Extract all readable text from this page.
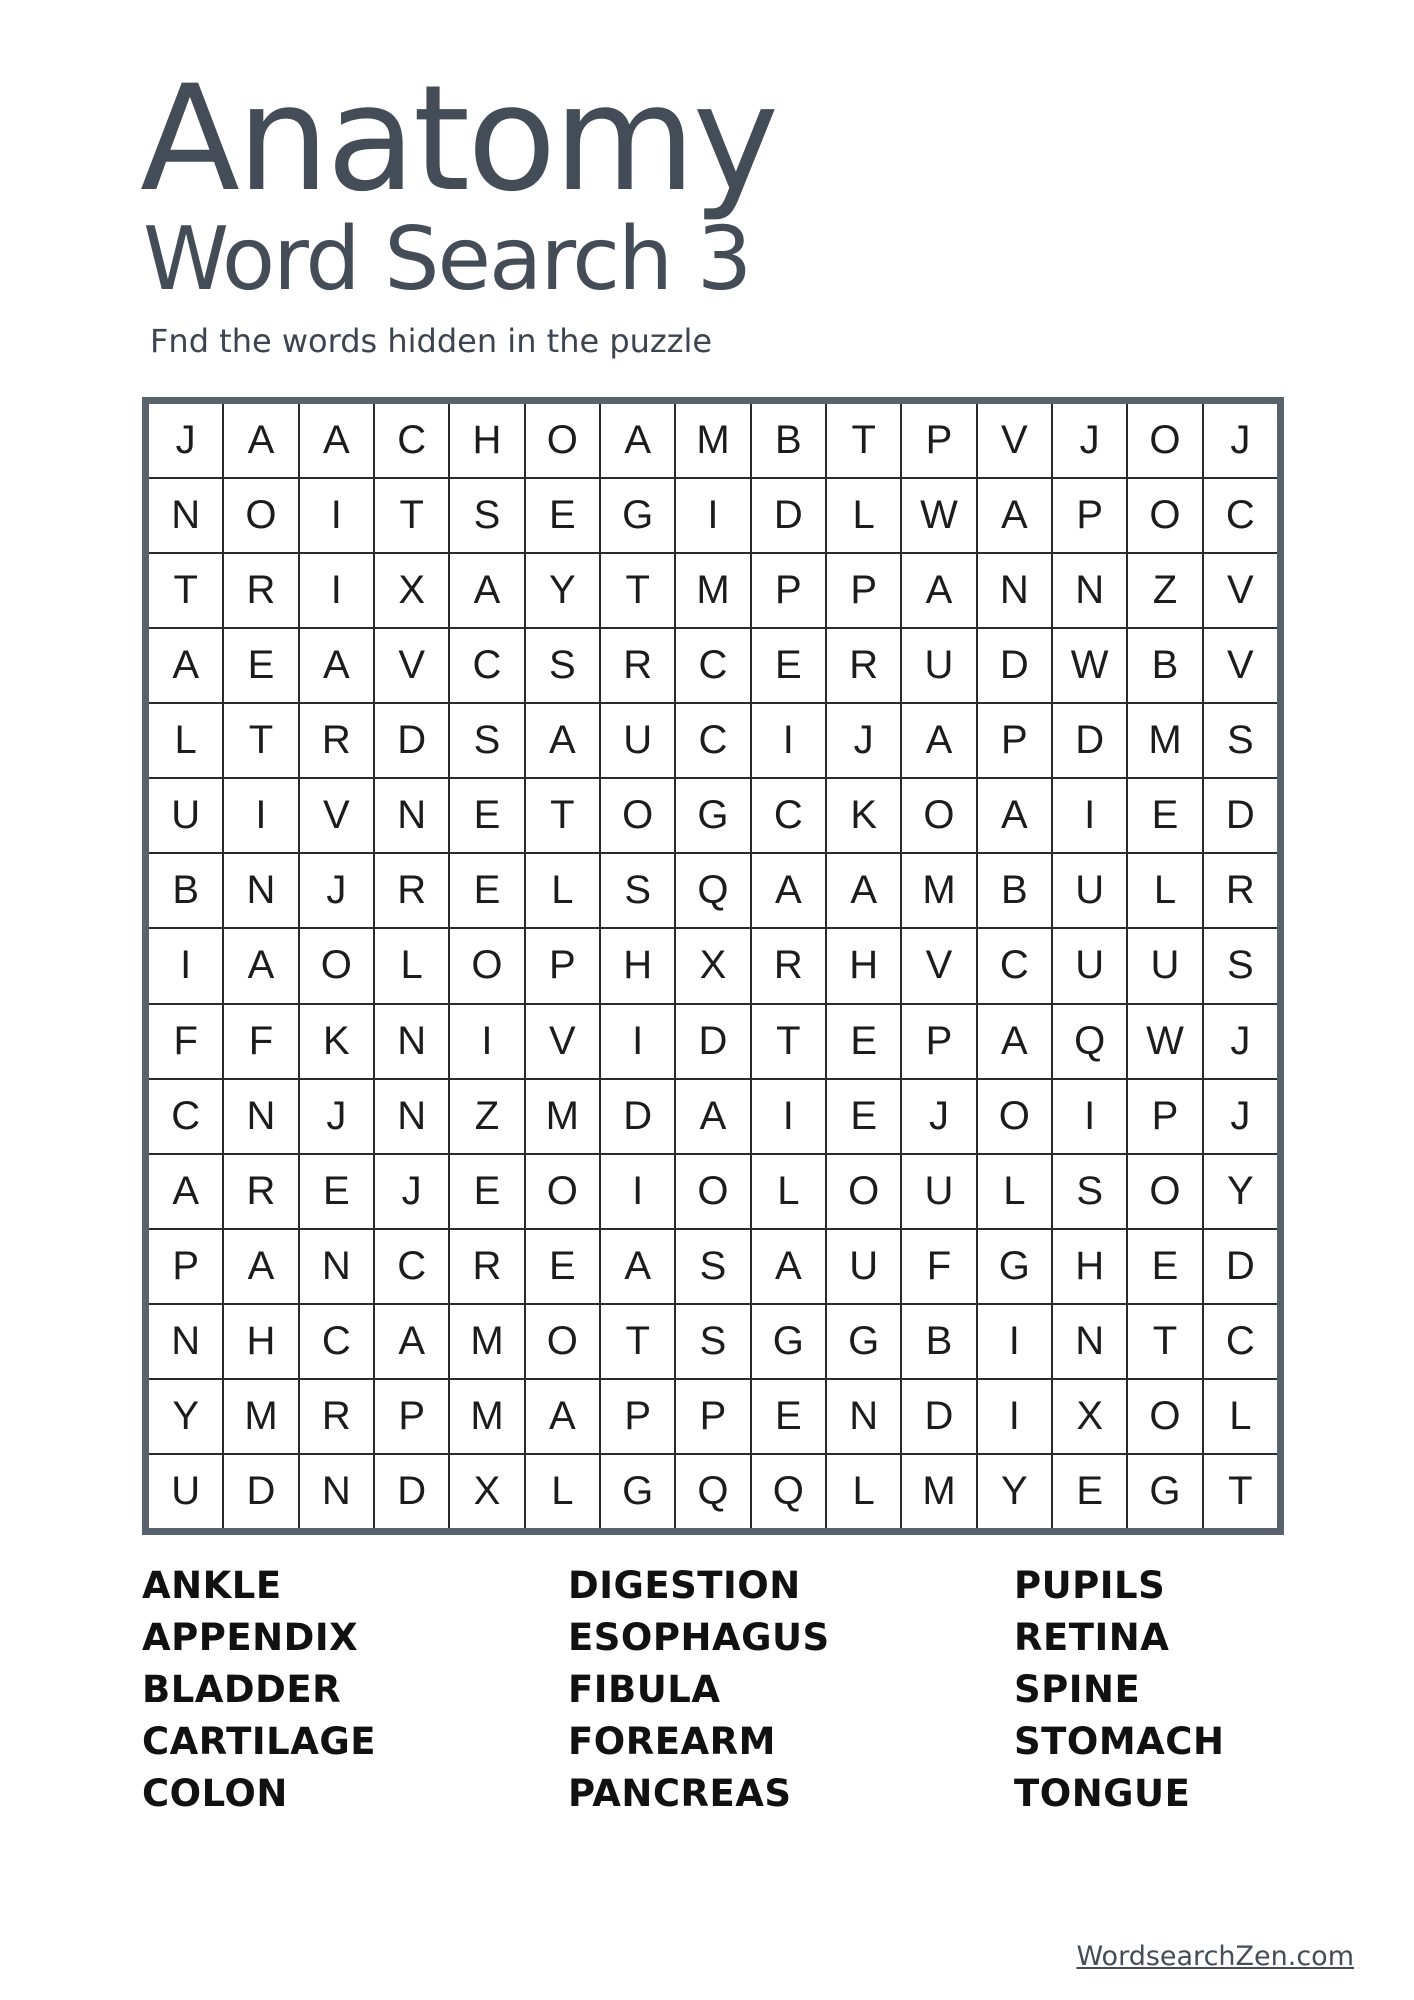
Anatomy
Word Search 3

Fnd the words hidden in the puzzle

J	A	A	C	H	O	A	M	B	T	P	V	J	O	J
N	O	I	T	S	E	G	I	D	L	W	A	P	O	C
T	R	I	X	A	Y	T	M	P	P	A	N	N	Z	V
A	E	A	V	C	S	R	C	E	R	U	D	W	B	V
L	T	R	D	S	A	U	C	I	J	A	P	D	M	S
U	I	V	N	E	T	O	G	C	K	O	A	I	E	D
B	N	J	R	E	L	S	Q	A	A	M	B	U	L	R
I	A	O	L	O	P	H	X	R	H	V	C	U	U	S
F	F	K	N	I	V	I	D	T	E	P	A	Q	W	J
C	N	J	N	Z	M	D	A	I	E	J	O	I	P	J
A	R	E	J	E	O	I	O	L	O	U	L	S	O	Y
P	A	N	C	R	E	A	S	A	U	F	G	H	E	D
N	H	C	A	M	O	T	S	G	G	B	I	N	T	C
Y	M	R	P	M	A	P	P	E	N	D	I	X	O	L
U	D	N	D	X	L	G	Q	Q	L	M	Y	E	G	T
ANKLE
APPENDIX
BLADDER
CARTILAGE
COLON
DIGESTION
ESOPHAGUS
FIBULA
FOREARM
PANCREAS
PUPILS
RETINA
SPINE
STOMACH
TONGUE
WordsearchZen.com
